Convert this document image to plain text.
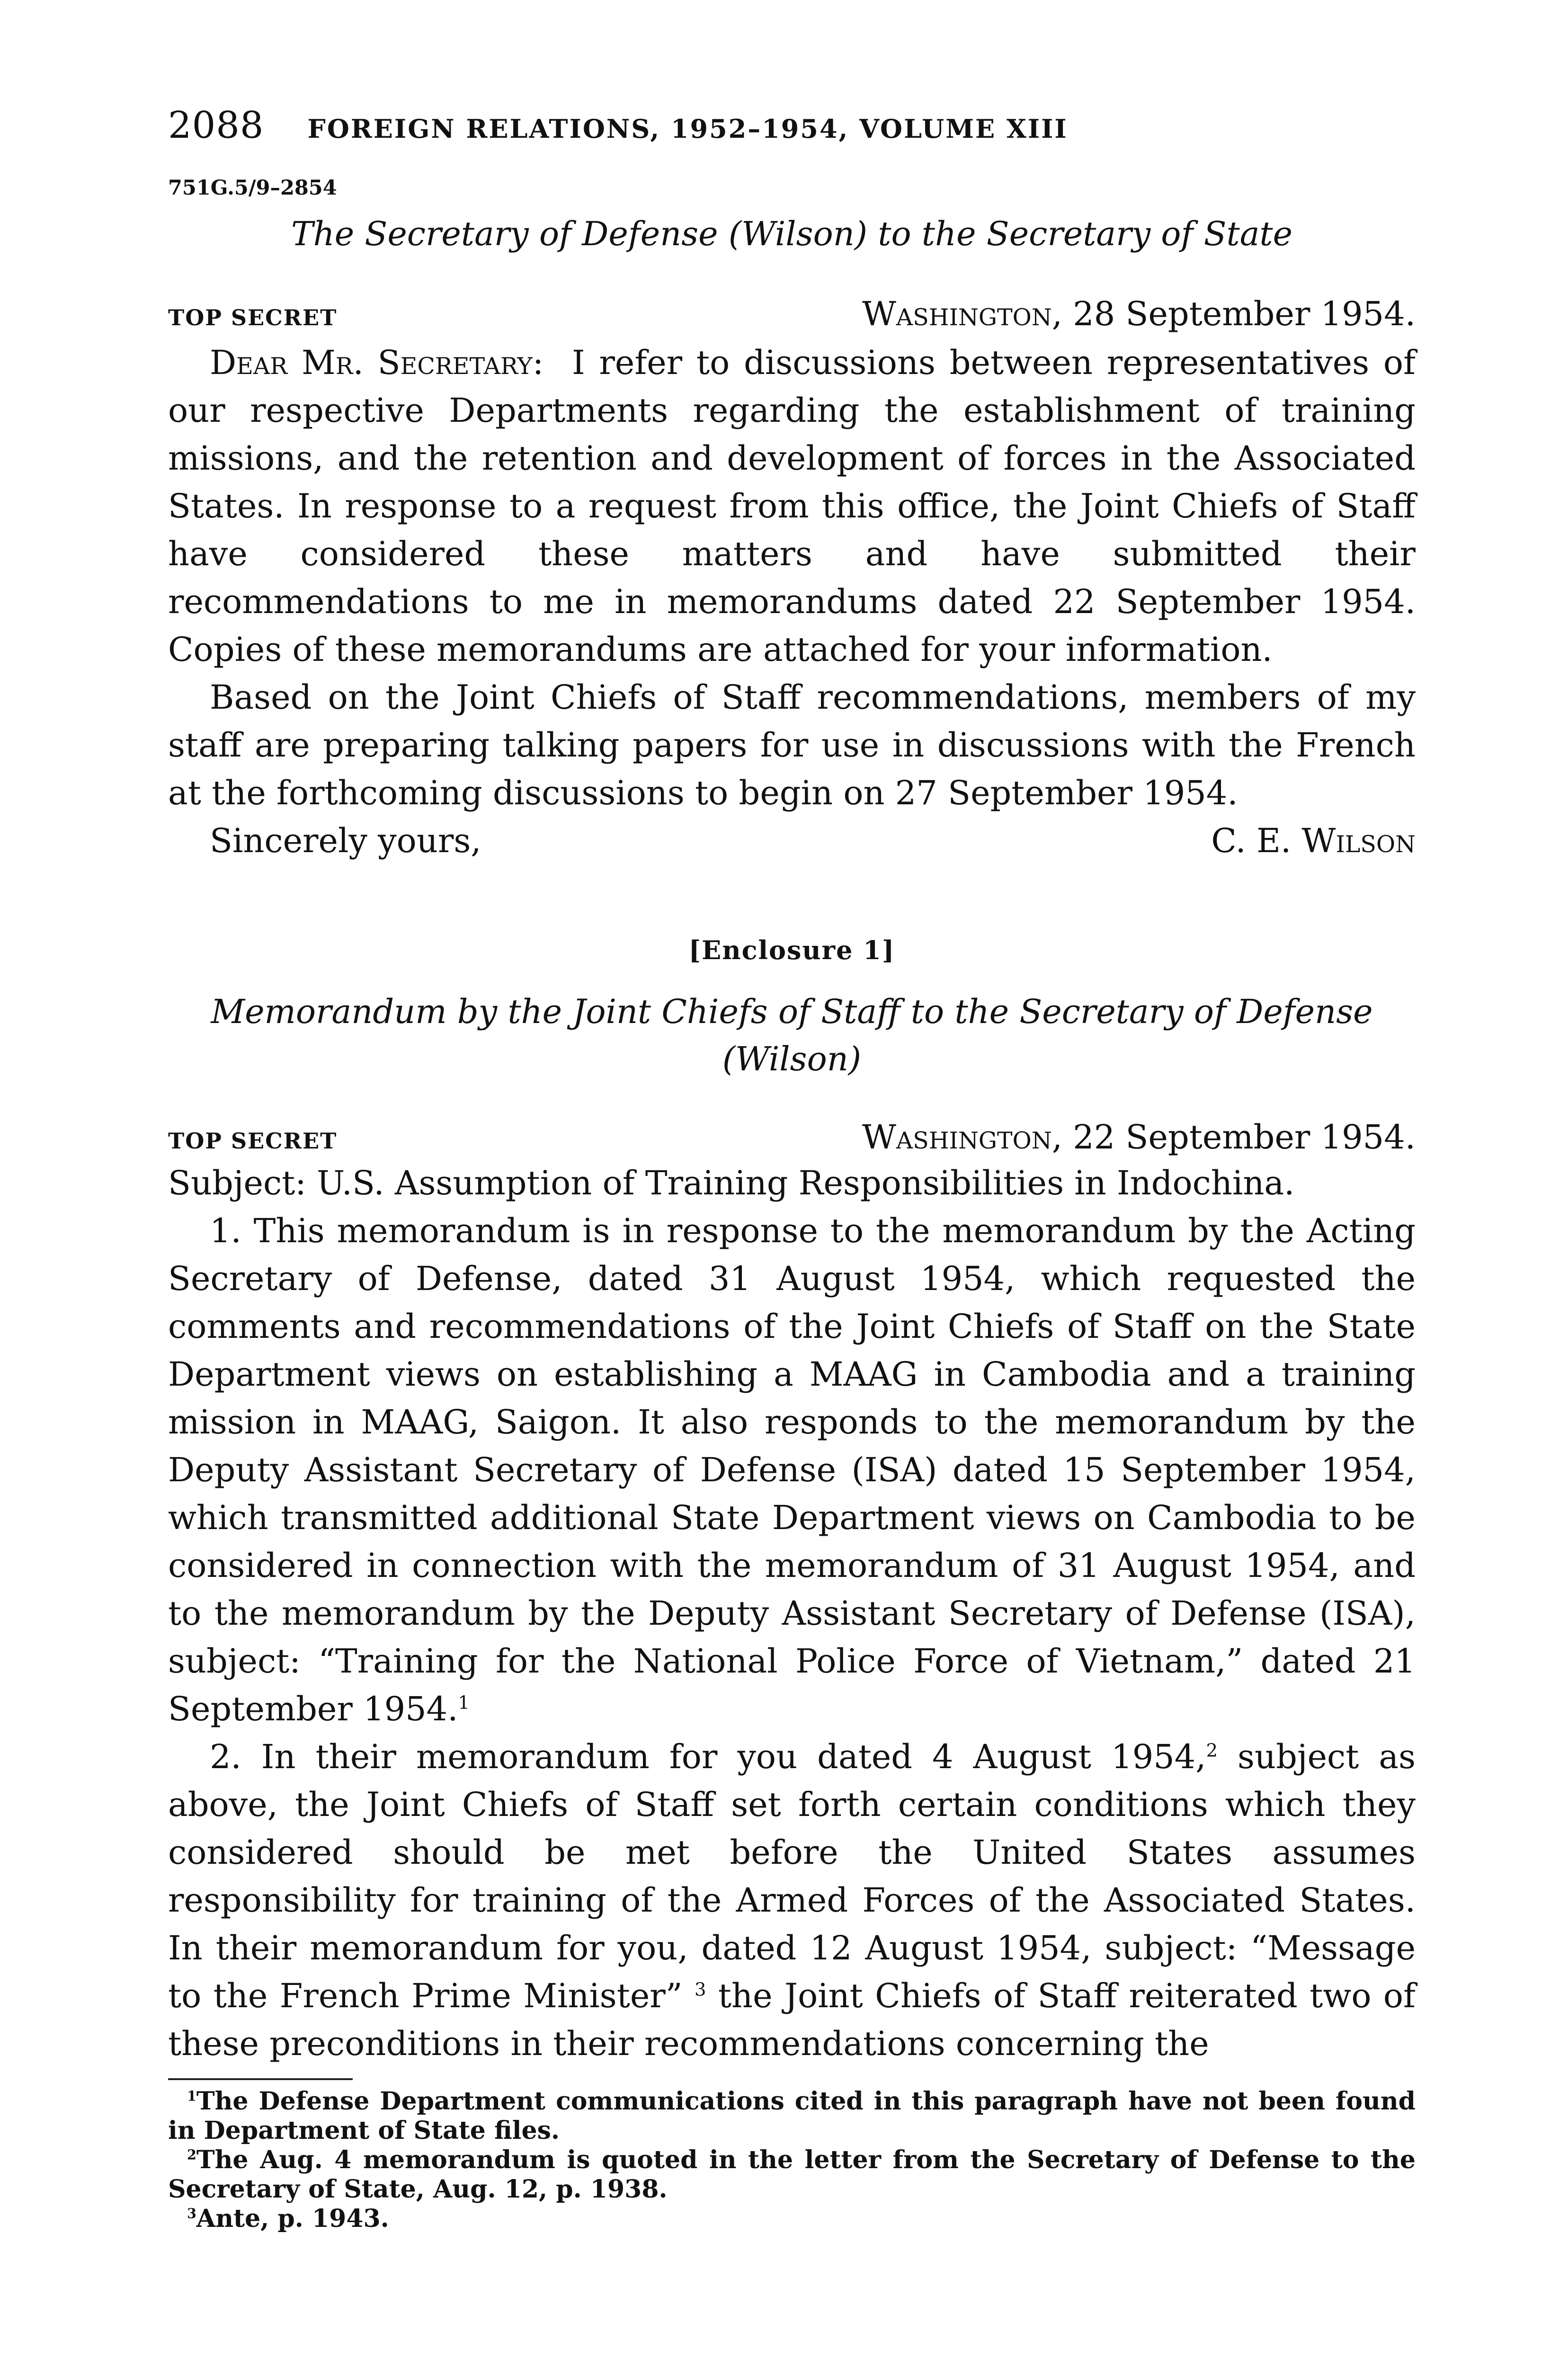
2088 FOREIGN RELATIONS, 1952–1954, VOLUME XIII
751G.5/9–2854
The Secretary of Defense (Wilson) to the Secretary of State
TOP SECRET	Washington, 28 September 1954.

Dear Mr. Secretary: I refer to discussions between representatives of our respective Departments regarding the establishment of training missions, and the retention and development of forces in the Associated States. In response to a request from this office, the Joint Chiefs of Staff have considered these matters and have submitted their recommendations to me in memorandums dated 22 September 1954. Copies of these memorandums are attached for your information.

Based on the Joint Chiefs of Staff recommendations, members of my staff are preparing talking papers for use in discussions with the French at the forthcoming discussions to begin on 27 September 1954.

Sincerely yours,	C. E. Wilson
[Enclosure 1]
Memorandum by the Joint Chiefs of Staff to the Secretary of Defense
(Wilson)
TOP SECRET	Washington, 22 September 1954.
Subject: U.S. Assumption of Training Responsibilities in Indochina.

1. This memorandum is in response to the memorandum by the Acting Secretary of Defense, dated 31 August 1954, which requested the comments and recommendations of the Joint Chiefs of Staff on the State Department views on establishing a MAAG in Cambodia and a training mission in MAAG, Saigon. It also responds to the memorandum by the Deputy Assistant Secretary of Defense (ISA) dated 15 September 1954, which transmitted additional State Department views on Cambodia to be considered in connection with the memorandum of 31 August 1954, and to the memorandum by the Deputy Assistant Secretary of Defense (ISA), subject: “Training for the National Police Force of Vietnam,” dated 21 September 1954.$^1$

2. In their memorandum for you dated 4 August 1954,$^2$ subject as above, the Joint Chiefs of Staff set forth certain conditions which they considered should be met before the United States assumes responsibility for training of the Armed Forces of the Associated States. In their memorandum for you, dated 12 August 1954, subject: “Message to the French Prime Minister” $^3$ the Joint Chiefs of Staff reiterated two of these preconditions in their recommendations concerning the

$^1$The Defense Department communications cited in this paragraph have not been found in Department of State files.

$^2$The Aug. 4 memorandum is quoted in the letter from the Secretary of Defense to the Secretary of State, Aug. 12, p. 1938.

$^3$Ante, p. 1943.
